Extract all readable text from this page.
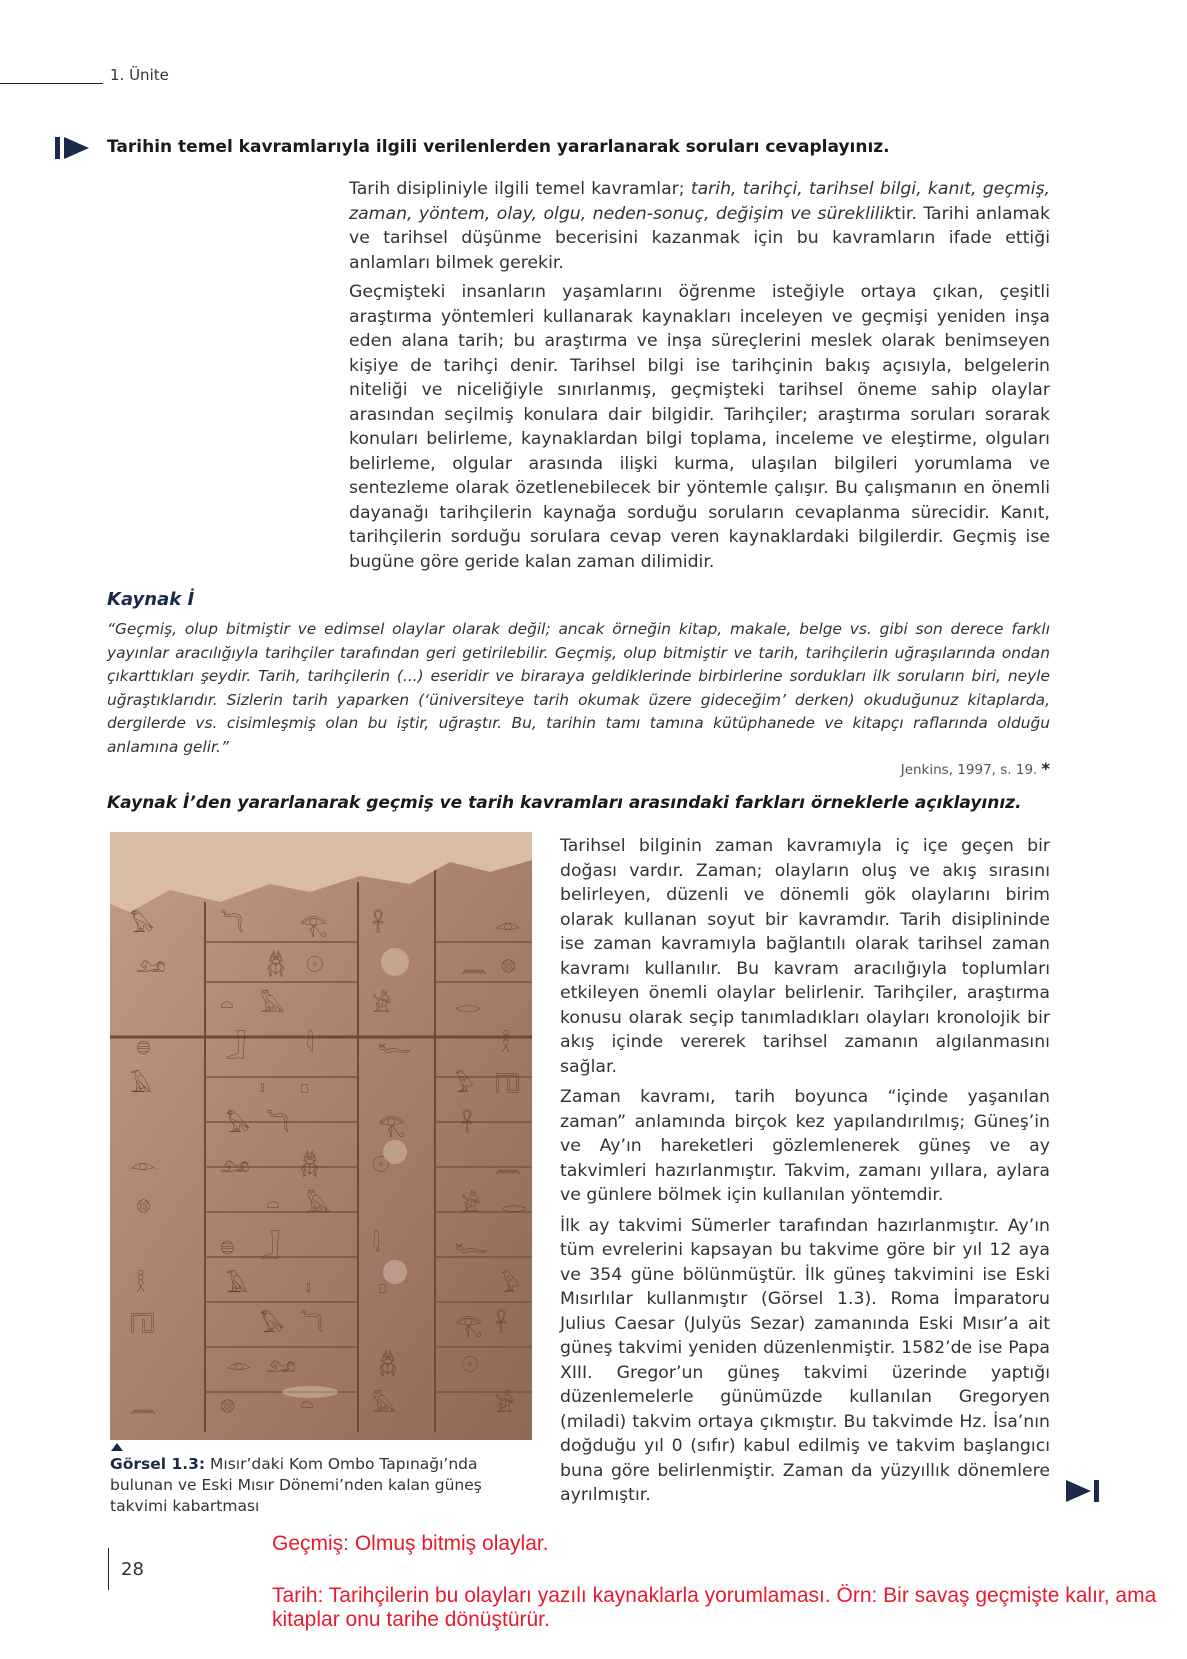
1. Ünite
Tarihin temel kavramlarıyla ilgili verilenlerden yararlanarak soruları cevaplayınız.

Tarih disipliniyle ilgili temel kavramlar; tarih, tarihçi, tarihsel bilgi, kanıt, geçmiş, zaman, yöntem, olay, olgu, neden-sonuç, değişim ve sürekliliktir. Tarihi anlamak ve tarihsel düşünme becerisini kazanmak için bu kavramların ifade ettiği anlamları bilmek gerekir.

Geçmişteki insanların yaşamlarını öğrenme isteğiyle ortaya çıkan, çeşitli araştırma yöntemleri kullanarak kaynakları inceleyen ve geçmişi yeniden inşa eden alana tarih; bu araştırma ve inşa süreçlerini meslek olarak benimseyen kişiye de tarihçi denir. Tarihsel bilgi ise tarihçinin bakış açısıyla, belgelerin niteliği ve niceliğiyle sınırlanmış, geçmişteki tarihsel öneme sahip olaylar arasından seçilmiş konulara dair bilgidir. Tarihçiler; araştırma soruları sorarak konuları belirleme, kaynaklardan bilgi toplama, inceleme ve eleştirme, olguları belirleme, olgular arasında ilişki kurma, ulaşılan bilgileri yorumlama ve sentezleme olarak özetlenebilecek bir yöntemle çalışır. Bu çalışmanın en önemli dayanağı tarihçilerin kaynağa sorduğu soruların cevaplanma sürecidir. Kanıt, tarihçilerin sorduğu sorulara cevap veren kaynaklardaki bilgilerdir. Geçmiş ise bugüne göre geride kalan zaman dilimidir.

Kaynak İ

“Geçmiş, olup bitmiştir ve edimsel olaylar olarak değil; ancak örneğin kitap, makale, belge vs. gibi son derece farklı yayınlar aracılığıyla tarihçiler tarafından geri getirilebilir. Geçmiş, olup bitmiştir ve tarih, tarihçilerin uğraşılarında ondan çıkarttıkları şeydir. Tarih, tarihçilerin (...) eseridir ve biraraya geldiklerinde birbirlerine sordukları ilk soruların biri, neyle uğraştıklarıdır. Sizlerin tarih yaparken (‘üniversiteye tarih okumak üzere gideceğim’ derken) okuduğunuz kitaplarda, dergilerde vs. cisimleşmiş olan bu iştir, uğraştır. Bu, tarihin tamı tamına kütüphanede ve kitapçı raflarında olduğu anlamına gelir.”

Jenkins, 1997, s. 19. *
Kaynak İ’den yararlanarak geçmiş ve tarih kavramları arasındaki farkları örneklerle açıklayınız.
𓅃	𓆓	𓂀 𓋹	𓁹
𓃭	𓆣 𓇳	𓈖 𓊖
𓏏 𓅓	𓀀	𓂋
𓐍	𓃀	𓇋	𓆑	𓎛
𓄿	𓏤 𓊪	𓅱 𓉔
𓅃 𓆓	𓂀	𓋹
𓁹	𓃭 𓆣 𓇳	𓈖
𓊖	𓏏 𓅓	𓀀 𓂋
𓐍 𓃀	𓇋	𓆑
𓎛	𓄿	𓏤	𓊪	𓅱
𓉔	𓅃 𓆓	𓂀 𓋹
𓁹 𓃭	𓆣	𓇳
𓈖	𓊖	𓏏	𓅓	𓀀
Görsel 1.3: Mısır’daki Kom Ombo Tapınağı’nda bulunan ve Eski Mısır Dönemi’nden kalan güneş takvimi kabartması

Tarihsel bilginin zaman kavramıyla iç içe geçen bir doğası vardır. Zaman; olayların oluş ve akış sırasını belirleyen, düzenli ve dönemli gök olaylarını birim olarak kullanan soyut bir kavramdır. Tarih disiplininde ise zaman kavramıyla bağlantılı olarak tarihsel zaman kavramı kullanılır. Bu kavram aracılığıyla toplumları etkileyen önemli olaylar belirlenir. Tarihçiler, araştırma konusu olarak seçip tanımladıkları olayları kronolojik bir akış içinde vererek tarihsel zamanın algılanmasını sağlar.

Zaman kavramı, tarih boyunca “içinde yaşanılan zaman” anlamında birçok kez yapılandırılmış; Güneş’in ve Ay’ın hareketleri gözlemlenerek güneş ve ay takvimleri hazırlanmıştır. Takvim, zamanı yıllara, aylara ve günlere bölmek için kullanılan yöntemdir.

İlk ay takvimi Sümerler tarafından hazırlanmıştır. Ay’ın tüm evrelerini kapsayan bu takvime göre bir yıl 12 aya ve 354 güne bölünmüştür. İlk güneş takvimini ise Eski Mısırlılar kullanmıştır (Görsel 1.3). Roma İmparatoru Julius Caesar (Julyüs Sezar) zamanında Eski Mısır’a ait güneş takvimi yeniden düzenlenmiştir. 1582’de ise Papa XIII. Gregor’un güneş takvimi üzerinde yaptığı düzenlemelerle günümüzde kullanılan Gregoryen (miladi) takvim ortaya çıkmıştır. Bu takvimde Hz. İsa’nın doğduğu yıl 0 (sıfır) kabul edilmiş ve takvim başlangıcı buna göre belirlenmiştir. Zaman da yüzyıllık dönemlere ayrılmıştır.

28
Geçmiş: Olmuş bitmiş olaylar.
Tarih: Tarihçilerin bu olayları yazılı kaynaklarla yorumlaması. Örn: Bir savaş geçmişte kalır, ama kitaplar onu tarihe dönüştürür.
